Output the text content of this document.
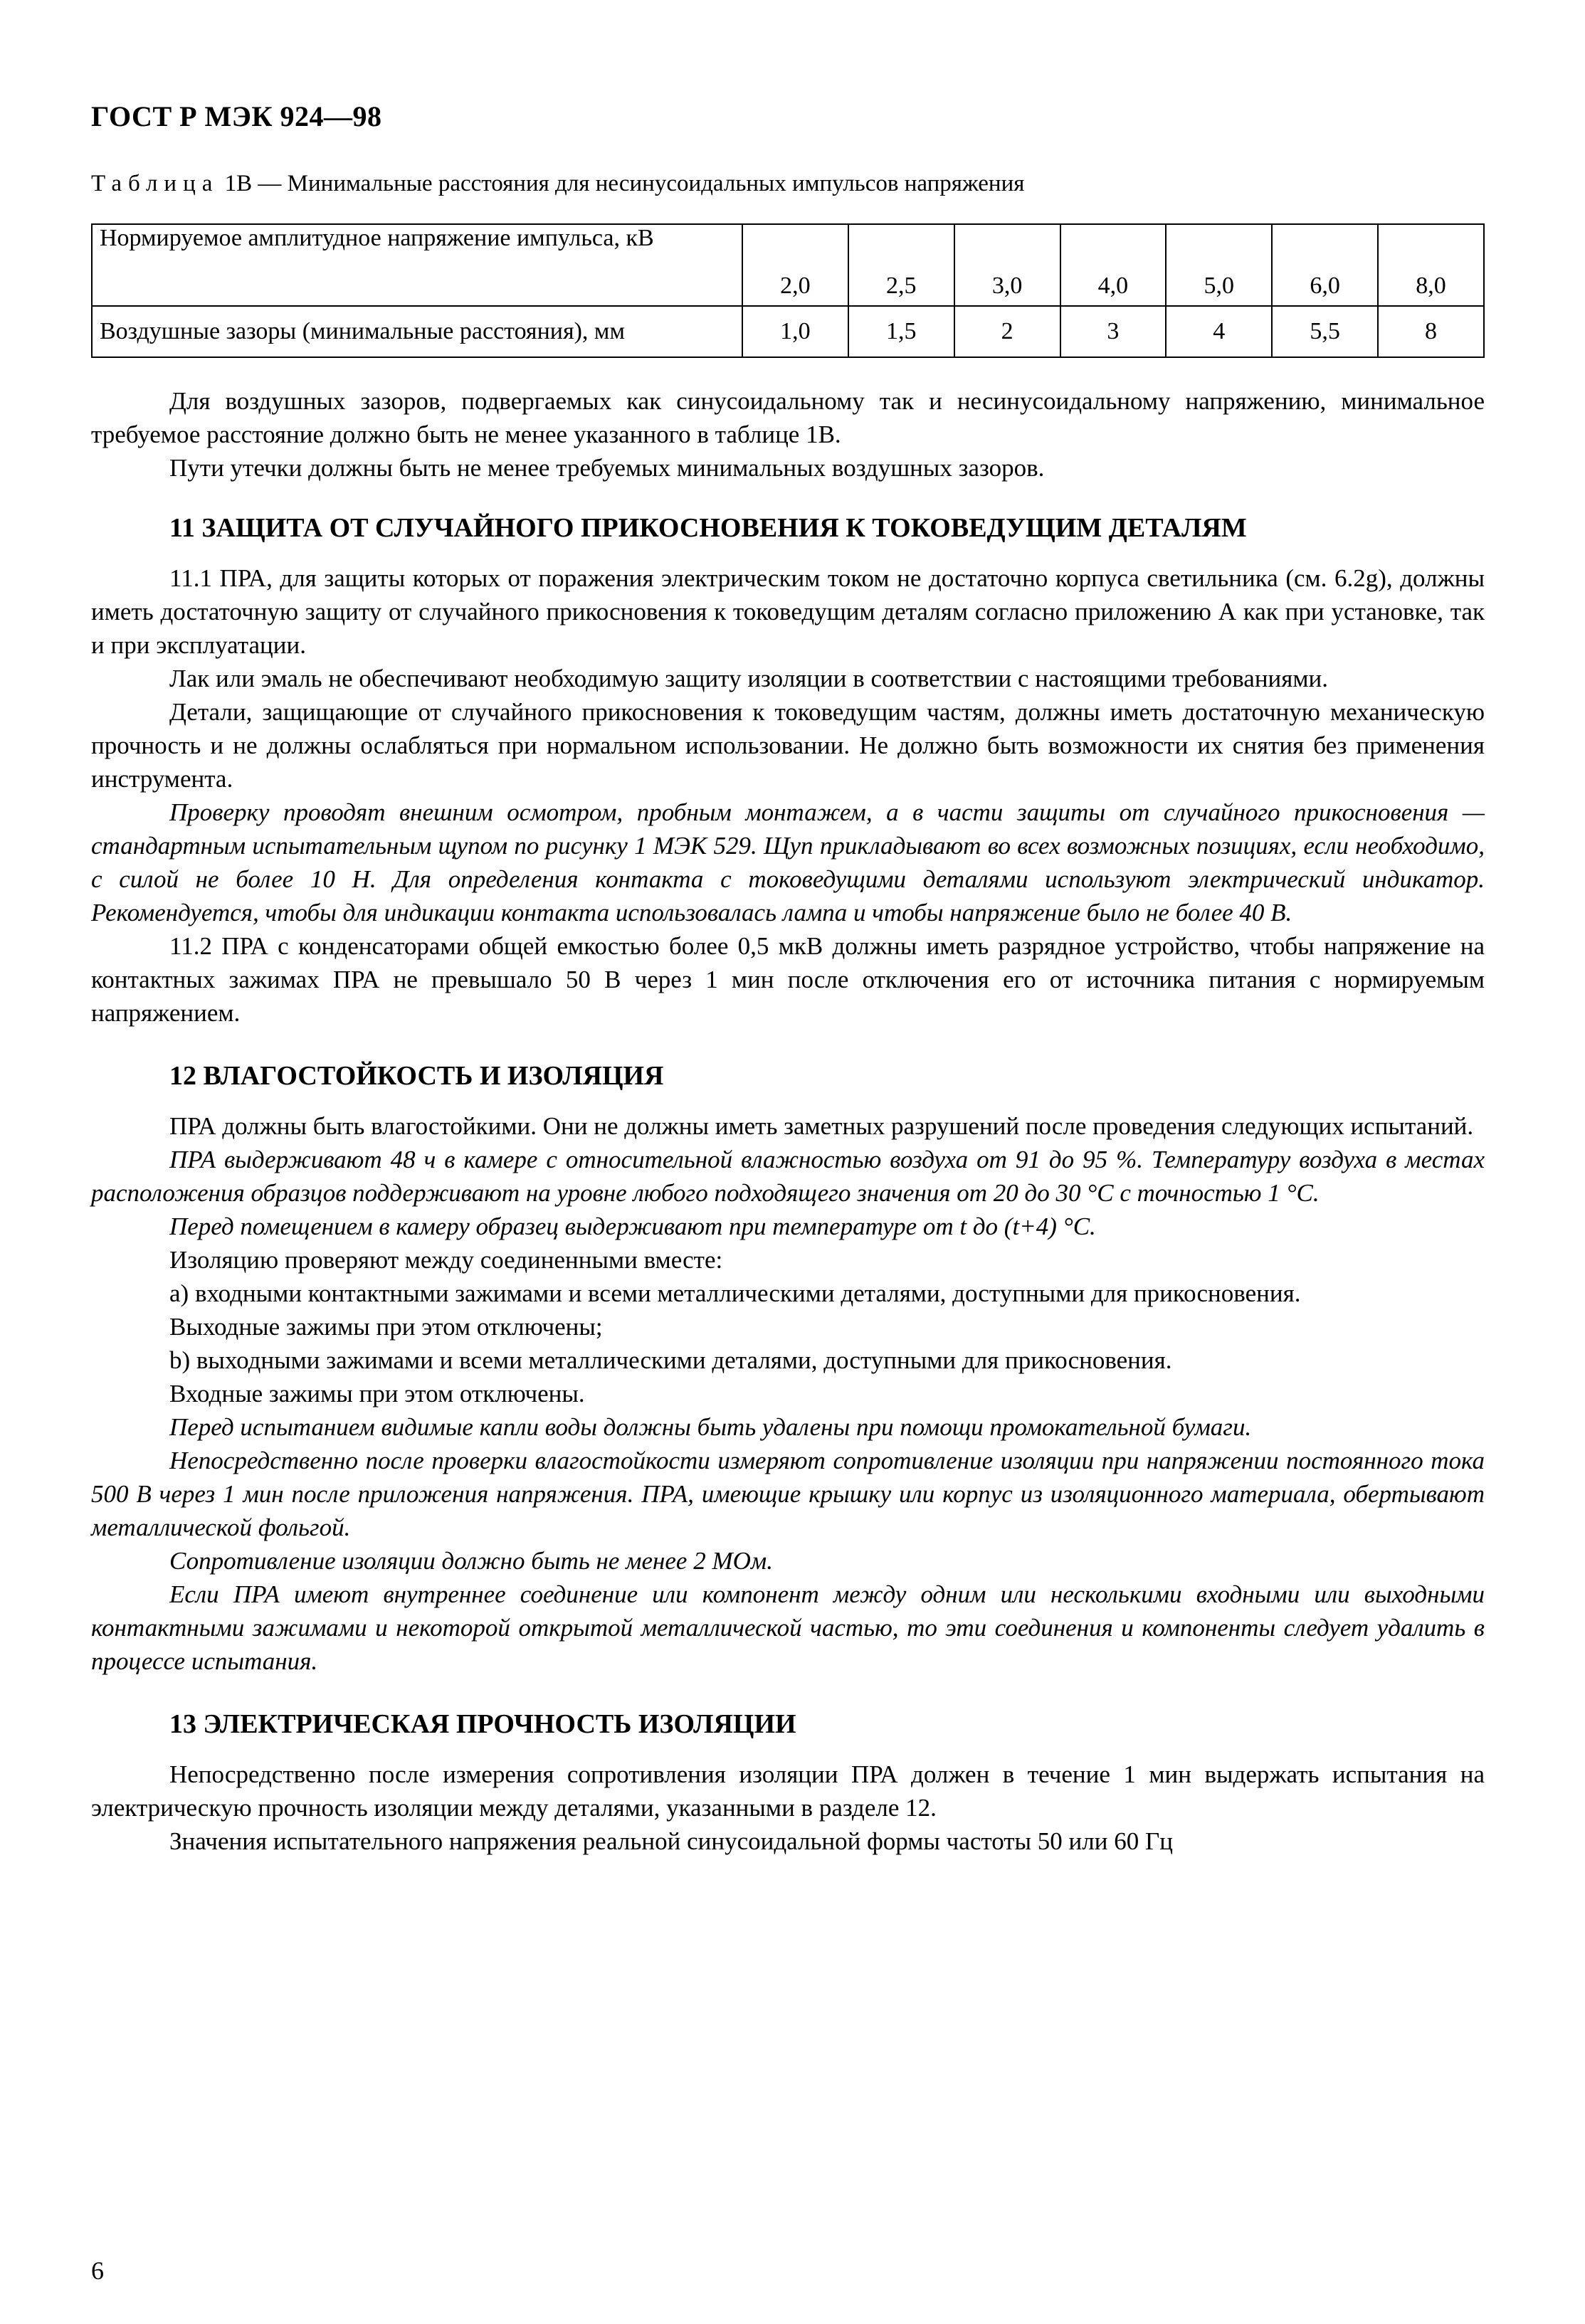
ГОСТ Р МЭК 924—98
Таблица 1В — Минимальные расстояния для несинусоидальных импульсов напряжения
Нормируемое амплитудное напряжение импульса, кВ	2,0	2,5	3,0	4,0	5,0	6,0	8,0
Воздушные зазоры (минимальные расстояния), мм	1,0	1,5	2	3	4	5,5	8

Для воздушных зазоров, подвергаемых как синусоидальному так и несинусоидальному напряжению, минимальное требуемое расстояние должно быть не менее указанного в таблице 1В.

Пути утечки должны быть не менее требуемых минимальных воздушных зазоров.

11 ЗАЩИТА ОТ СЛУЧАЙНОГО ПРИКОСНОВЕНИЯ К ТОКОВЕДУЩИМ ДЕТАЛЯМ

11.1 ПРА, для защиты которых от поражения электрическим током не достаточно корпуса светильника (см. 6.2g), должны иметь достаточную защиту от случайного прикосновения к токоведущим деталям согласно приложению А как при установке, так и при эксплуатации.

Лак или эмаль не обеспечивают необходимую защиту изоляции в соответствии с настоящими требованиями.

Детали, защищающие от случайного прикосновения к токоведущим частям, должны иметь достаточную механическую прочность и не должны ослабляться при нормальном использовании. Не должно быть возможности их снятия без применения инструмента.

Проверку проводят внешним осмотром, пробным монтажем, а в части защиты от случайного прикосновения — стандартным испытательным щупом по рисунку 1 МЭК 529. Щуп прикладывают во всех возможных позициях, если необходимо, с силой не более 10 Н. Для определения контакта с токоведущими деталями используют электрический индикатор. Рекомендуется, чтобы для индикации контакта использовалась лампа и чтобы напряжение было не более 40 В.

11.2 ПРА с конденсаторами общей емкостью более 0,5 мкВ должны иметь разрядное устройство, чтобы напряжение на контактных зажимах ПРА не превышало 50 В через 1 мин после отключения его от источника питания с нормируемым напряжением.

12 ВЛАГОСТОЙКОСТЬ И ИЗОЛЯЦИЯ

ПРА должны быть влагостойкими. Они не должны иметь заметных разрушений после проведения следующих испытаний.

ПРА выдерживают 48 ч в камере с относительной влажностью воздуха от 91 до 95 %. Температуру воздуха в местах расположения образцов поддерживают на уровне любого подходящего значения от 20 до 30 °С с точностью 1 °С.

Перед помещением в камеру образец выдерживают при температуре от t до (t+4) °С.

Изоляцию проверяют между соединенными вместе:

а) входными контактными зажимами и всеми металлическими деталями, доступными для прикосновения.

Выходные зажимы при этом отключены;

b) выходными зажимами и всеми металлическими деталями, доступными для прикосновения.

Входные зажимы при этом отключены.

Перед испытанием видимые капли воды должны быть удалены при помощи промокательной бумаги.

Непосредственно после проверки влагостойкости измеряют сопротивление изоляции при напряжении постоянного тока 500 В через 1 мин после приложения напряжения. ПРА, имеющие крышку или корпус из изоляционного материала, обертывают металлической фольгой.

Сопротивление изоляции должно быть не менее 2 МОм.

Если ПРА имеют внутреннее соединение или компонент между одним или несколькими входными или выходными контактными зажимами и некоторой открытой металлической частью, то эти соединения и компоненты следует удалить в процессе испытания.

13 ЭЛЕКТРИЧЕСКАЯ ПРОЧНОСТЬ ИЗОЛЯЦИИ

Непосредственно после измерения сопротивления изоляции ПРА должен в течение 1 мин выдержать испытания на электрическую прочность изоляции между деталями, указанными в разделе 12.

Значения испытательного напряжения реальной синусоидальной формы частоты 50 или 60 Гц

6
